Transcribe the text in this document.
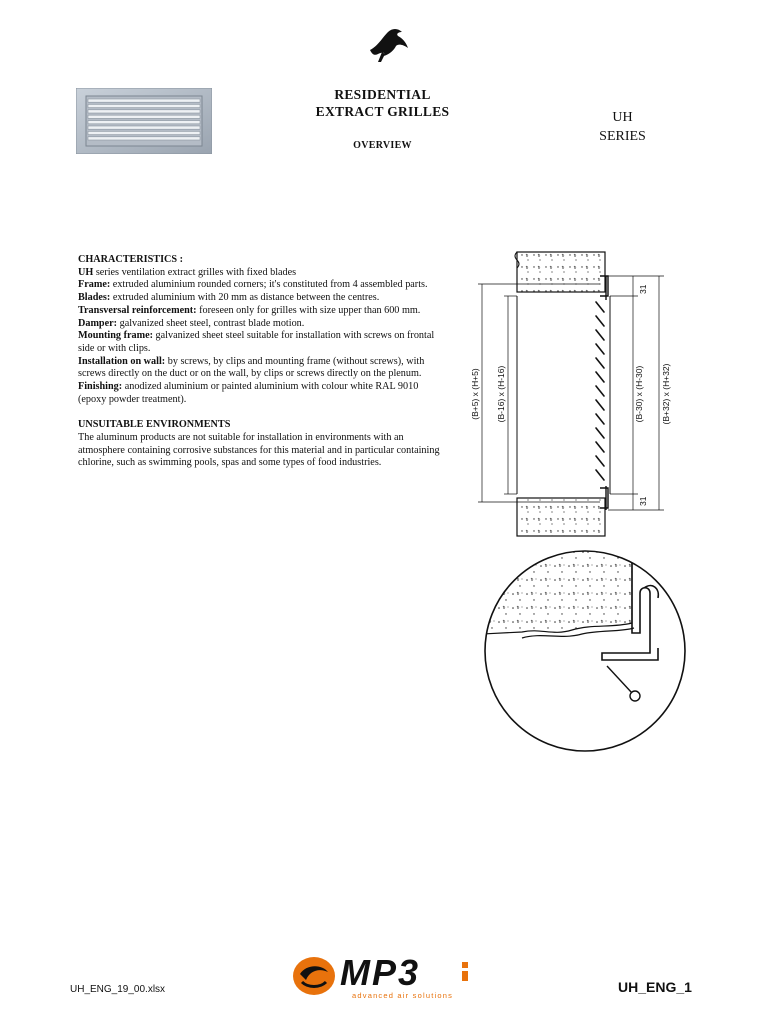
RESIDENTIAL
EXTRACT GRILLES
OVERVIEW
UH
SERIES

CHARACTERISTICS :

UH series ventilation extract grilles with fixed blades

Frame: extruded aluminium rounded corners; it's constituted from 4 assembled parts.

Blades: extruded aluminium with 20 mm as distance between the centres.

Transversal reinforcement: foreseen only for grilles with size upper than 600 mm.

Damper: galvanized sheet steel, contrast blade motion.

Mounting frame: galvanized sheet steel suitable for installation with screws on frontal side or with clips.

Installation on wall: by screws, by clips and mounting frame (without screws), with screws directly on the duct or on the wall, by clips or screws directly on the plenum.

Finishing: anodized aluminium or painted aluminium with colour white RAL 9010 (epoxy powder treatment).

UNSUITABLE ENVIRONMENTS

The aluminum products are not suitable for installation in environments with an atmosphere containing corrosive substances for this material and in particular containing chlorine, such as swimming pools, spas and some types of food industries.

31
31
(B+5) x (H+5) (B-16) x (H-16)	(B-30) x (H-30) (B+32) x (H+32)
UH_ENG_19_00.xlsx	MP3
advanced air solutions
UH_ENG_1
